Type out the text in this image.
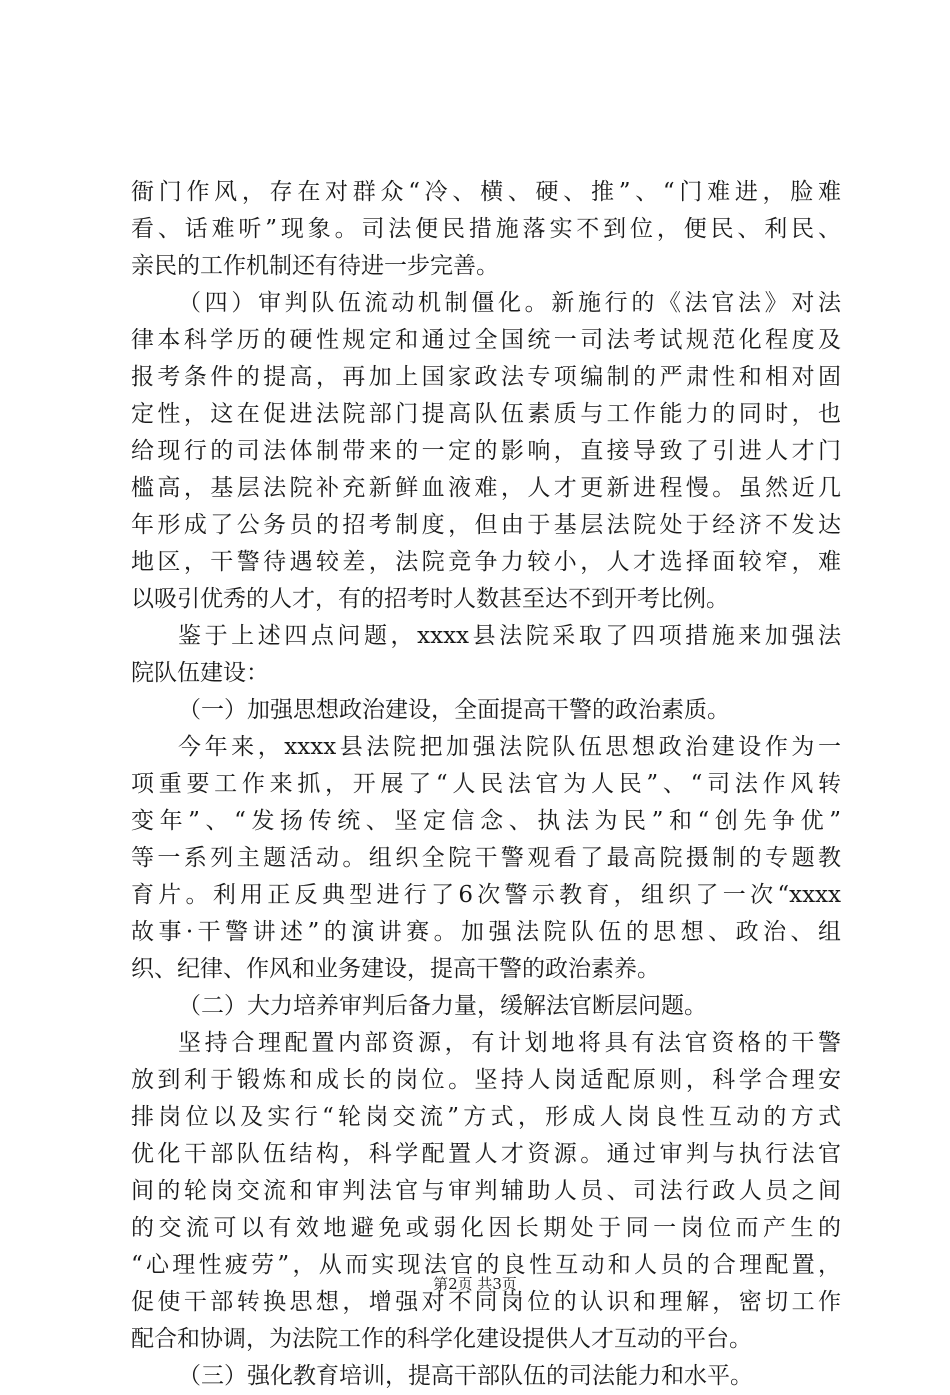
衙门作风，存在对群众“冷、横、硬、推”、“门难进，脸难
看、话难听”现象。司法便民措施落实不到位，便民、利民、
亲民的工作机制还有待进一步完善。
（四）审判队伍流动机制僵化。新施行的《法官法》对法
律本科学历的硬性规定和通过全国统一司法考试规范化程度及
报考条件的提高，再加上国家政法专项编制的严肃性和相对固
定性，这在促进法院部门提高队伍素质与工作能力的同时，也
给现行的司法体制带来的一定的影响，直接导致了引进人才门
槛高，基层法院补充新鲜血液难，人才更新进程慢。虽然近几
年形成了公务员的招考制度，但由于基层法院处于经济不发达
地区，干警待遇较差，法院竞争力较小，人才选择面较窄，难
以吸引优秀的人才，有的招考时人数甚至达不到开考比例。
鉴于上述四点问题，xxxx县法院采取了四项措施来加强法
院队伍建设：
（一）加强思想政治建设，全面提高干警的政治素质。
今年来，xxxx县法院把加强法院队伍思想政治建设作为一
项重要工作来抓，开展了“人民法官为人民”、“司法作风转
变年”、“发扬传统、坚定信念、执法为民”和“创先争优”
等一系列主题活动。组织全院干警观看了最高院摄制的专题教
育片。利用正反典型进行了6次警示教育，组织了一次“xxxx
故事·干警讲述”的演讲赛。加强法院队伍的思想、政治、组
织、纪律、作风和业务建设，提高干警的政治素养。
（二）大力培养审判后备力量，缓解法官断层问题。
坚持合理配置内部资源，有计划地将具有法官资格的干警
放到利于锻炼和成长的岗位。坚持人岗适配原则，科学合理安
排岗位以及实行“轮岗交流”方式，形成人岗良性互动的方式
优化干部队伍结构，科学配置人才资源。通过审判与执行法官
间的轮岗交流和审判法官与审判辅助人员、司法行政人员之间
的交流可以有效地避免或弱化因长期处于同一岗位而产生的
“心理性疲劳”，从而实现法官的良性互动和人员的合理配置，
促使干部转换思想，增强对不同岗位的认识和理解，密切工作
配合和协调，为法院工作的科学化建设提供人才互动的平台。
（三）强化教育培训，提高干部队伍的司法能力和水平。
第2页 共3页
